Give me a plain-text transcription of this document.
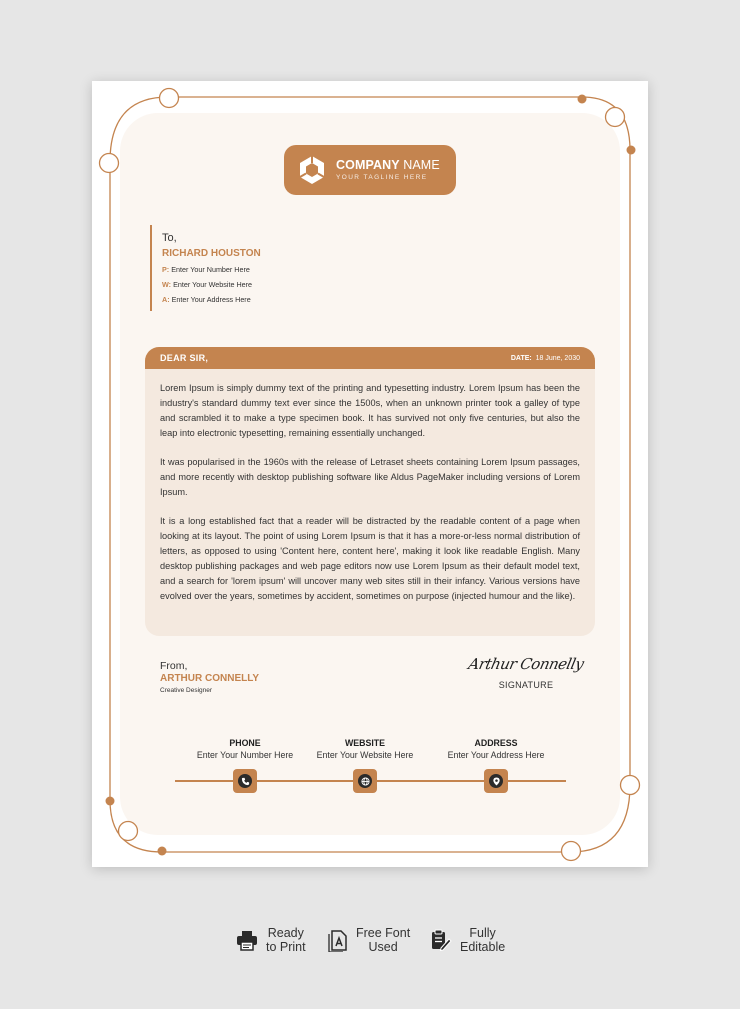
COMPANY NAME
YOUR TAGLINE HERE
To,
RICHARD HOUSTON
P: Enter Your Number Here
W: Enter Your Website Here
A: Enter Your Address Here
DEAR SIR,	DATE: 18 June, 2030

Lorem Ipsum is simply dummy text of the printing and typesetting industry. Lorem Ipsum has been the industry's standard dummy text ever since the 1500s, when an unknown printer took a galley of type and scrambled it to make a type specimen book. It has survived not only five centuries, but also the leap into electronic typesetting, remaining essentially unchanged.

It was popularised in the 1960s with the release of Letraset sheets containing Lorem Ipsum passages, and more recently with desktop publishing software like Aldus PageMaker including versions of Lorem Ipsum.

It is a long established fact that a reader will be distracted by the readable content of a page when looking at its layout. The point of using Lorem Ipsum is that it has a more-or-less normal distribution of letters, as opposed to using 'Content here, content here', making it look like readable English. Many desktop publishing packages and web page editors now use Lorem Ipsum as their default model text, and a search for 'lorem ipsum' will uncover many web sites still in their infancy. Various versions have evolved over the years, sometimes by accident, sometimes on purpose (injected humour and the like).

From,
ARTHUR CONNELLY
Creative Designer
Arthur Connelly
SIGNATURE
PHONE
Enter Your Number Here
WEBSITE
Enter Your Website Here
ADDRESS
Enter Your Address Here
Ready
to Print
Free Font
Used
Fully
Editable
